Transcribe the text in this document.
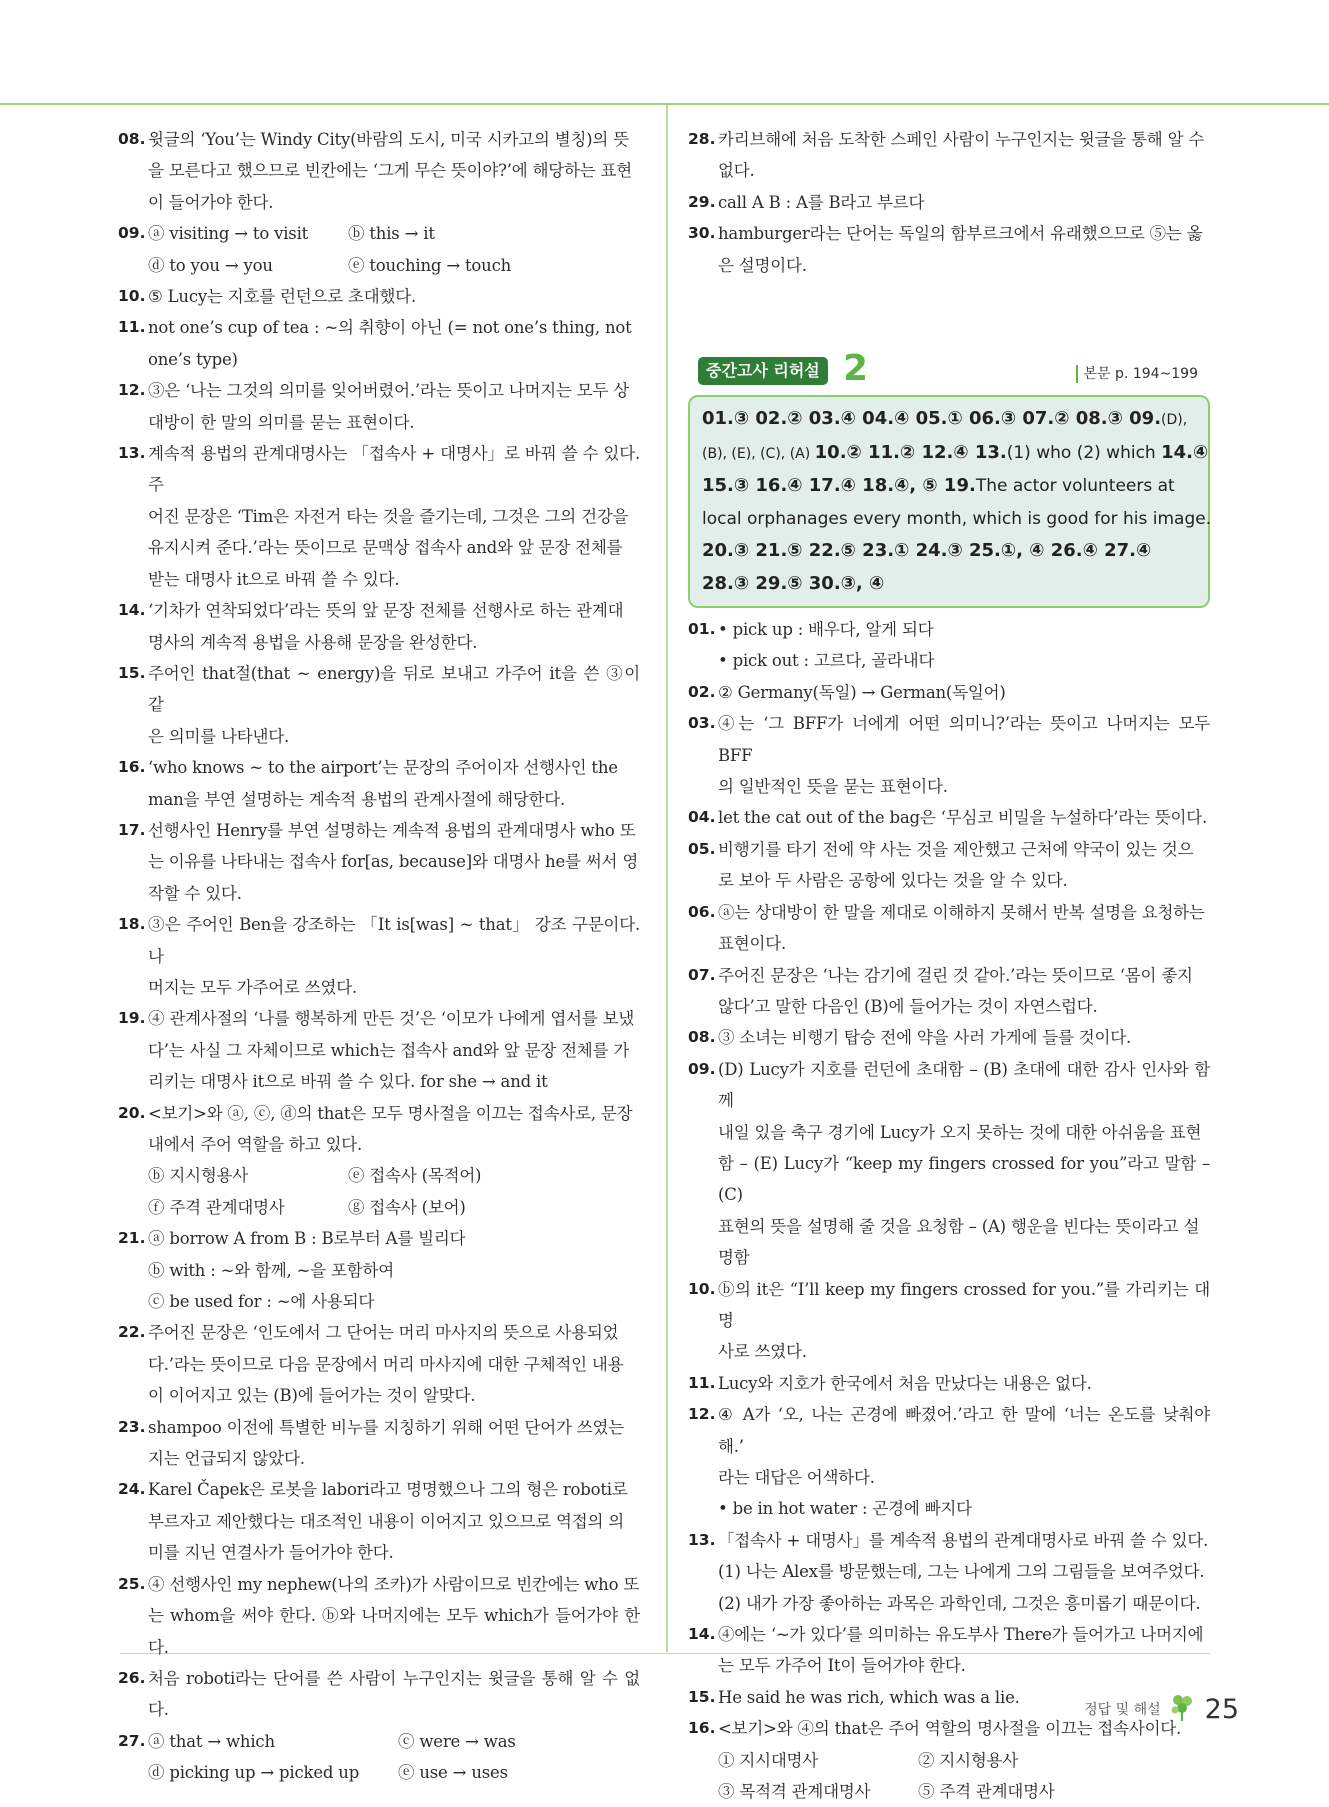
08. 윗글의 ‘You’는 Windy City(바람의 도시, 미국 시카고의 별칭)의 뜻
을 모른다고 했으므로 빈칸에는 ‘그게 무슨 뜻이야?’에 해당하는 표현
이 들어가야 한다.
09. ⓐ visiting → to visit	ⓑ this → it
ⓓ to you → you	ⓔ touching → touch
10. ⑤ Lucy는 지호를 런던으로 초대했다.
11. not one’s cup of tea : ~의 취향이 아닌 (= not one’s thing, not
one’s type)
12. ③은 ‘나는 그것의 의미를 잊어버렸어.’라는 뜻이고 나머지는 모두 상
대방이 한 말의 의미를 묻는 표현이다.
13. 계속적 용법의 관계대명사는 「접속사 + 대명사」로 바꿔 쓸 수 있다. 주
어진 문장은 ‘Tim은 자전거 타는 것을 즐기는데, 그것은 그의 건강을
유지시켜 준다.’라는 뜻이므로 문맥상 접속사 and와 앞 문장 전체를
받는 대명사 it으로 바꿔 쓸 수 있다.
14. ‘기차가 연착되었다’라는 뜻의 앞 문장 전체를 선행사로 하는 관계대
명사의 계속적 용법을 사용해 문장을 완성한다.
15. 주어인 that절(that ~ energy)을 뒤로 보내고 가주어 it을 쓴 ③이 같
은 의미를 나타낸다.
16. ‘who knows ~ to the airport’는 문장의 주어이자 선행사인 the
man을 부연 설명하는 계속적 용법의 관계사절에 해당한다.
17. 선행사인 Henry를 부연 설명하는 계속적 용법의 관계대명사 who 또
는 이유를 나타내는 접속사 for[as, because]와 대명사 he를 써서 영
작할 수 있다.
18. ③은 주어인 Ben을 강조하는 「It is[was] ~ that」 강조 구문이다. 나
머지는 모두 가주어로 쓰였다.
19. ④ 관계사절의 ‘나를 행복하게 만든 것’은 ‘이모가 나에게 엽서를 보냈
다’는 사실 그 자체이므로 which는 접속사 and와 앞 문장 전체를 가
리키는 대명사 it으로 바꿔 쓸 수 있다. for she → and it
20. <보기>와 ⓐ, ⓒ, ⓓ의 that은 모두 명사절을 이끄는 접속사로, 문장
내에서 주어 역할을 하고 있다.
ⓑ 지시형용사	ⓔ 접속사 (목적어)
ⓕ 주격 관계대명사	ⓖ 접속사 (보어)
21. ⓐ borrow A from B : B로부터 A를 빌리다
ⓑ with : ~와 함께, ~을 포함하여
ⓒ be used for : ~에 사용되다
22. 주어진 문장은 ‘인도에서 그 단어는 머리 마사지의 뜻으로 사용되었
다.’라는 뜻이므로 다음 문장에서 머리 마사지에 대한 구체적인 내용
이 이어지고 있는 (B)에 들어가는 것이 알맞다.
23. shampoo 이전에 특별한 비누를 지칭하기 위해 어떤 단어가 쓰였는
지는 언급되지 않았다.
24. Karel Čapek은 로봇을 labori라고 명명했으나 그의 형은 roboti로
부르자고 제안했다는 대조적인 내용이 이어지고 있으므로 역접의 의
미를 지닌 연결사가 들어가야 한다.
25. ④ 선행사인 my nephew(나의 조카)가 사람이므로 빈칸에는 who 또
는 whom을 써야 한다. ⓑ와 나머지에는 모두 which가 들어가야 한다.
26. 처음 roboti라는 단어를 쓴 사람이 누구인지는 윗글을 통해 알 수 없다.
27. ⓐ that → which	ⓒ were → was
ⓓ picking up → picked up	ⓔ use → uses
28. 카리브해에 처음 도착한 스페인 사람이 누구인지는 윗글을 통해 알 수
없다.
29. call A B : A를 B라고 부르다
30. hamburger라는 단어는 독일의 함부르크에서 유래했으므로 ⑤는 옳
은 설명이다.
중간고사 리허설 2	본문 p. 194~199
01.③ 02.② 03.④ 04.④ 05.① 06.③ 07.② 08.③ 09.(D),
(B), (E), (C), (A) 10.② 11.② 12.④ 13.(1) who (2) which 14.④
15.③ 16.④ 17.④ 18.④, ⑤ 19.The actor volunteers at
local orphanages every month, which is good for his image.
20.③ 21.⑤ 22.⑤ 23.① 24.③ 25.①, ④ 26.④ 27.④
28.③ 29.⑤ 30.③, ④
01. • pick up : 배우다, 알게 되다
• pick out : 고르다, 골라내다
02. ② Germany(독일) → German(독일어)
03. ④는 ‘그 BFF가 너에게 어떤 의미니?’라는 뜻이고 나머지는 모두 BFF
의 일반적인 뜻을 묻는 표현이다.
04. let the cat out of the bag은 ‘무심코 비밀을 누설하다’라는 뜻이다.
05. 비행기를 타기 전에 약 사는 것을 제안했고 근처에 약국이 있는 것으
로 보아 두 사람은 공항에 있다는 것을 알 수 있다.
06. ⓐ는 상대방이 한 말을 제대로 이해하지 못해서 반복 설명을 요청하는
표현이다.
07. 주어진 문장은 ‘나는 감기에 걸린 것 같아.’라는 뜻이므로 ‘몸이 좋지
않다’고 말한 다음인 (B)에 들어가는 것이 자연스럽다.
08. ③ 소녀는 비행기 탑승 전에 약을 사러 가게에 들를 것이다.
09. (D) Lucy가 지호를 런던에 초대함 – (B) 초대에 대한 감사 인사와 함께
내일 있을 축구 경기에 Lucy가 오지 못하는 것에 대한 아쉬움을 표현
함 – (E) Lucy가 “keep my fingers crossed for you”라고 말함 – (C)
표현의 뜻을 설명해 줄 것을 요청함 – (A) 행운을 빈다는 뜻이라고 설
명함
10. ⓑ의 it은 “I’ll keep my fingers crossed for you.”를 가리키는 대명
사로 쓰였다.
11. Lucy와 지호가 한국에서 처음 만났다는 내용은 없다.
12. ④ A가 ‘오, 나는 곤경에 빠졌어.’라고 한 말에 ‘너는 온도를 낮춰야 해.’
라는 대답은 어색하다.
• be in hot water : 곤경에 빠지다
13. 「접속사 + 대명사」를 계속적 용법의 관계대명사로 바꿔 쓸 수 있다.
(1) 나는 Alex를 방문했는데, 그는 나에게 그의 그림들을 보여주었다.
(2) 내가 가장 좋아하는 과목은 과학인데, 그것은 흥미롭기 때문이다.
14. ④에는 ‘~가 있다’를 의미하는 유도부사 There가 들어가고 나머지에
는 모두 가주어 It이 들어가야 한다.
15. He said he was rich, which was a lie.
16. <보기>와 ④의 that은 주어 역할의 명사절을 이끄는 접속사이다.
① 지시대명사	② 지시형용사
③ 목적격 관계대명사	⑤ 주격 관계대명사
정답 및 해설 25
